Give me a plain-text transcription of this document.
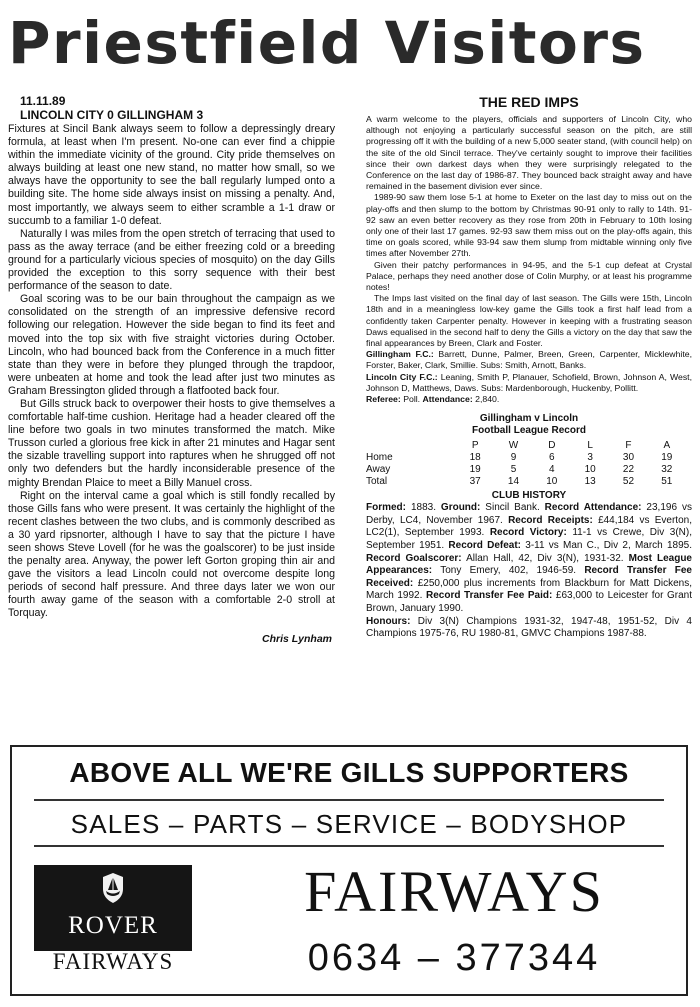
Priestfield Visitors

11.11.89

LINCOLN CITY 0 GILLINGHAM 3

Fixtures at Sincil Bank always seem to follow a depressingly dreary formula, at least when I'm present. No-one can ever find a chippie within the immediate vicinity of the ground. City pride themselves on always building at least one new stand, no matter how small, so we always have the opportunity to see the ball regularly lumped onto a building site. The home side always insist on missing a penalty. And, most importantly, we always seem to either scramble a 1-1 draw or succumb to a familiar 1-0 defeat.

Naturally I was miles from the open stretch of terracing that used to pass as the away terrace (and be either freezing cold or a breeding ground for a particularly vicious species of mosquito) on the day Gills provided the exception to this sorry sequence with their best performance of the season to date.

Goal scoring was to be our bain throughout the campaign as we consolidated on the strength of an impressive defensive record following our relegation. However the side began to find its feet and moved into the top six with five straight victories during October. Lincoln, who had bounced back from the Conference in a much fitter state than they were in before they plunged through the trapdoor, were unbeaten at home and took the lead after just two minutes as Graham Bressington glided through a flatfooted back four.

But Gills struck back to overpower their hosts to give themselves a comfortable half-time cushion. Heritage had a header cleared off the line before two goals in two minutes transformed the match. Mike Trusson curled a glorious free kick in after 21 minutes and Hagar sent the sizable travelling support into raptures when he shrugged off not only two defenders but the hardly inconsiderable presence of the mighty Brendan Plaice to meet a Billy Manuel cross.

Right on the interval came a goal which is still fondly recalled by those Gills fans who were present. It was certainly the highlight of the recent clashes between the two clubs, and is commonly described as a 30 yard ripsnorter, although I have to say that the picture I have seen shows Steve Lovell (for he was the goalscorer) to be just inside the penalty area. Anyway, the power left Gorton groping thin air and gave the visitors a lead Lincoln could not overcome despite long periods of second half pressure. And three days later we won our fourth away game of the season with a comfortable 2-0 stroll at Torquay.

Chris Lynham
THE RED IMPS

A warm welcome to the players, officials and supporters of Lincoln City, who although not enjoying a particularly successful season on the pitch, are still progressing off it with the building of a new 5,000 seater stand, (with council help) on the site of the old Sincil terrace. They've certainly sought to improve their facilities since their own darkest days when they were surprisingly relegated to the Conference on the last day of 1986-87. They bounced back straight away and have remained in the basement division ever since.

1989-90 saw them lose 5-1 at home to Exeter on the last day to miss out on the play-offs and then slump to the bottom by Christmas 90-91 only to rally to 14th. 91-92 saw an even better recovery as they rose from 20th in February to 10th losing only one of their last 17 games. 92-93 saw them miss out on the play-offs again, this time on goals scored, while 93-94 saw them slump from midtable winning only five times after November 27th.

Given their patchy performances in 94-95, and the 5-1 cup defeat at Crystal Palace, perhaps they need another dose of Colin Murphy, or at least his programme notes!

The Imps last visited on the final day of last season. The Gills were 15th, Lincoln 18th and in a meaningless low-key game the Gills took a first half lead from a confidently taken Carpenter penalty. However in keeping with a frustrating season Daws equalised in the second half to deny the Gills a victory on the day that saw the final appearances by Breen, Clark and Foster.

Gillingham F.C.: Barrett, Dunne, Palmer, Breen, Green, Carpenter, Micklewhite, Forster, Baker, Clark, Smillie. Subs: Smith, Arnott, Banks.

Lincoln City F.C.: Leaning, Smith P, Planauer, Schofield, Brown, Johnson A, West, Johnson D, Matthews, Daws. Subs: Mardenborough, Huckenby, Pollitt.

Referee: Poll. Attendance: 2,840.

Gillingham v Lincoln
Football League Record
	P	W	D	L	F	A
Home	18	9	6	3	30	19
Away	19	5	4	10	22	32
Total	37	14	10	13	52	51
CLUB HISTORY

Formed: 1883. Ground: Sincil Bank. Record Attendance: 23,196 vs Derby, LC4, November 1967. Record Receipts: £44,184 vs Everton, LC2(1), September 1993. Record Victory: 11-1 vs Crewe, Div 3(N), September 1951. Record Defeat: 3-11 vs Man C., Div 2, March 1895. Record Goalscorer: Allan Hall, 42, Div 3(N), 1931-32. Most League Appearances: Tony Emery, 402, 1946-59. Record Transfer Fee Received: £250,000 plus increments from Blackburn for Matt Dickens, March 1992. Record Transfer Fee Paid: £63,000 to Leicester for Grant Brown, January 1990.

Honours: Div 3(N) Champions 1931-32, 1947-48, 1951-52, Div 4 Champions 1975-76, RU 1980-81, GMVC Champions 1987-88.

ABOVE ALL WE'RE GILLS SUPPORTERS
SALES – PARTS – SERVICE – BODYSHOP
ROVER
FAIRWAYS
FAIRWAYS
0634 – 377344
